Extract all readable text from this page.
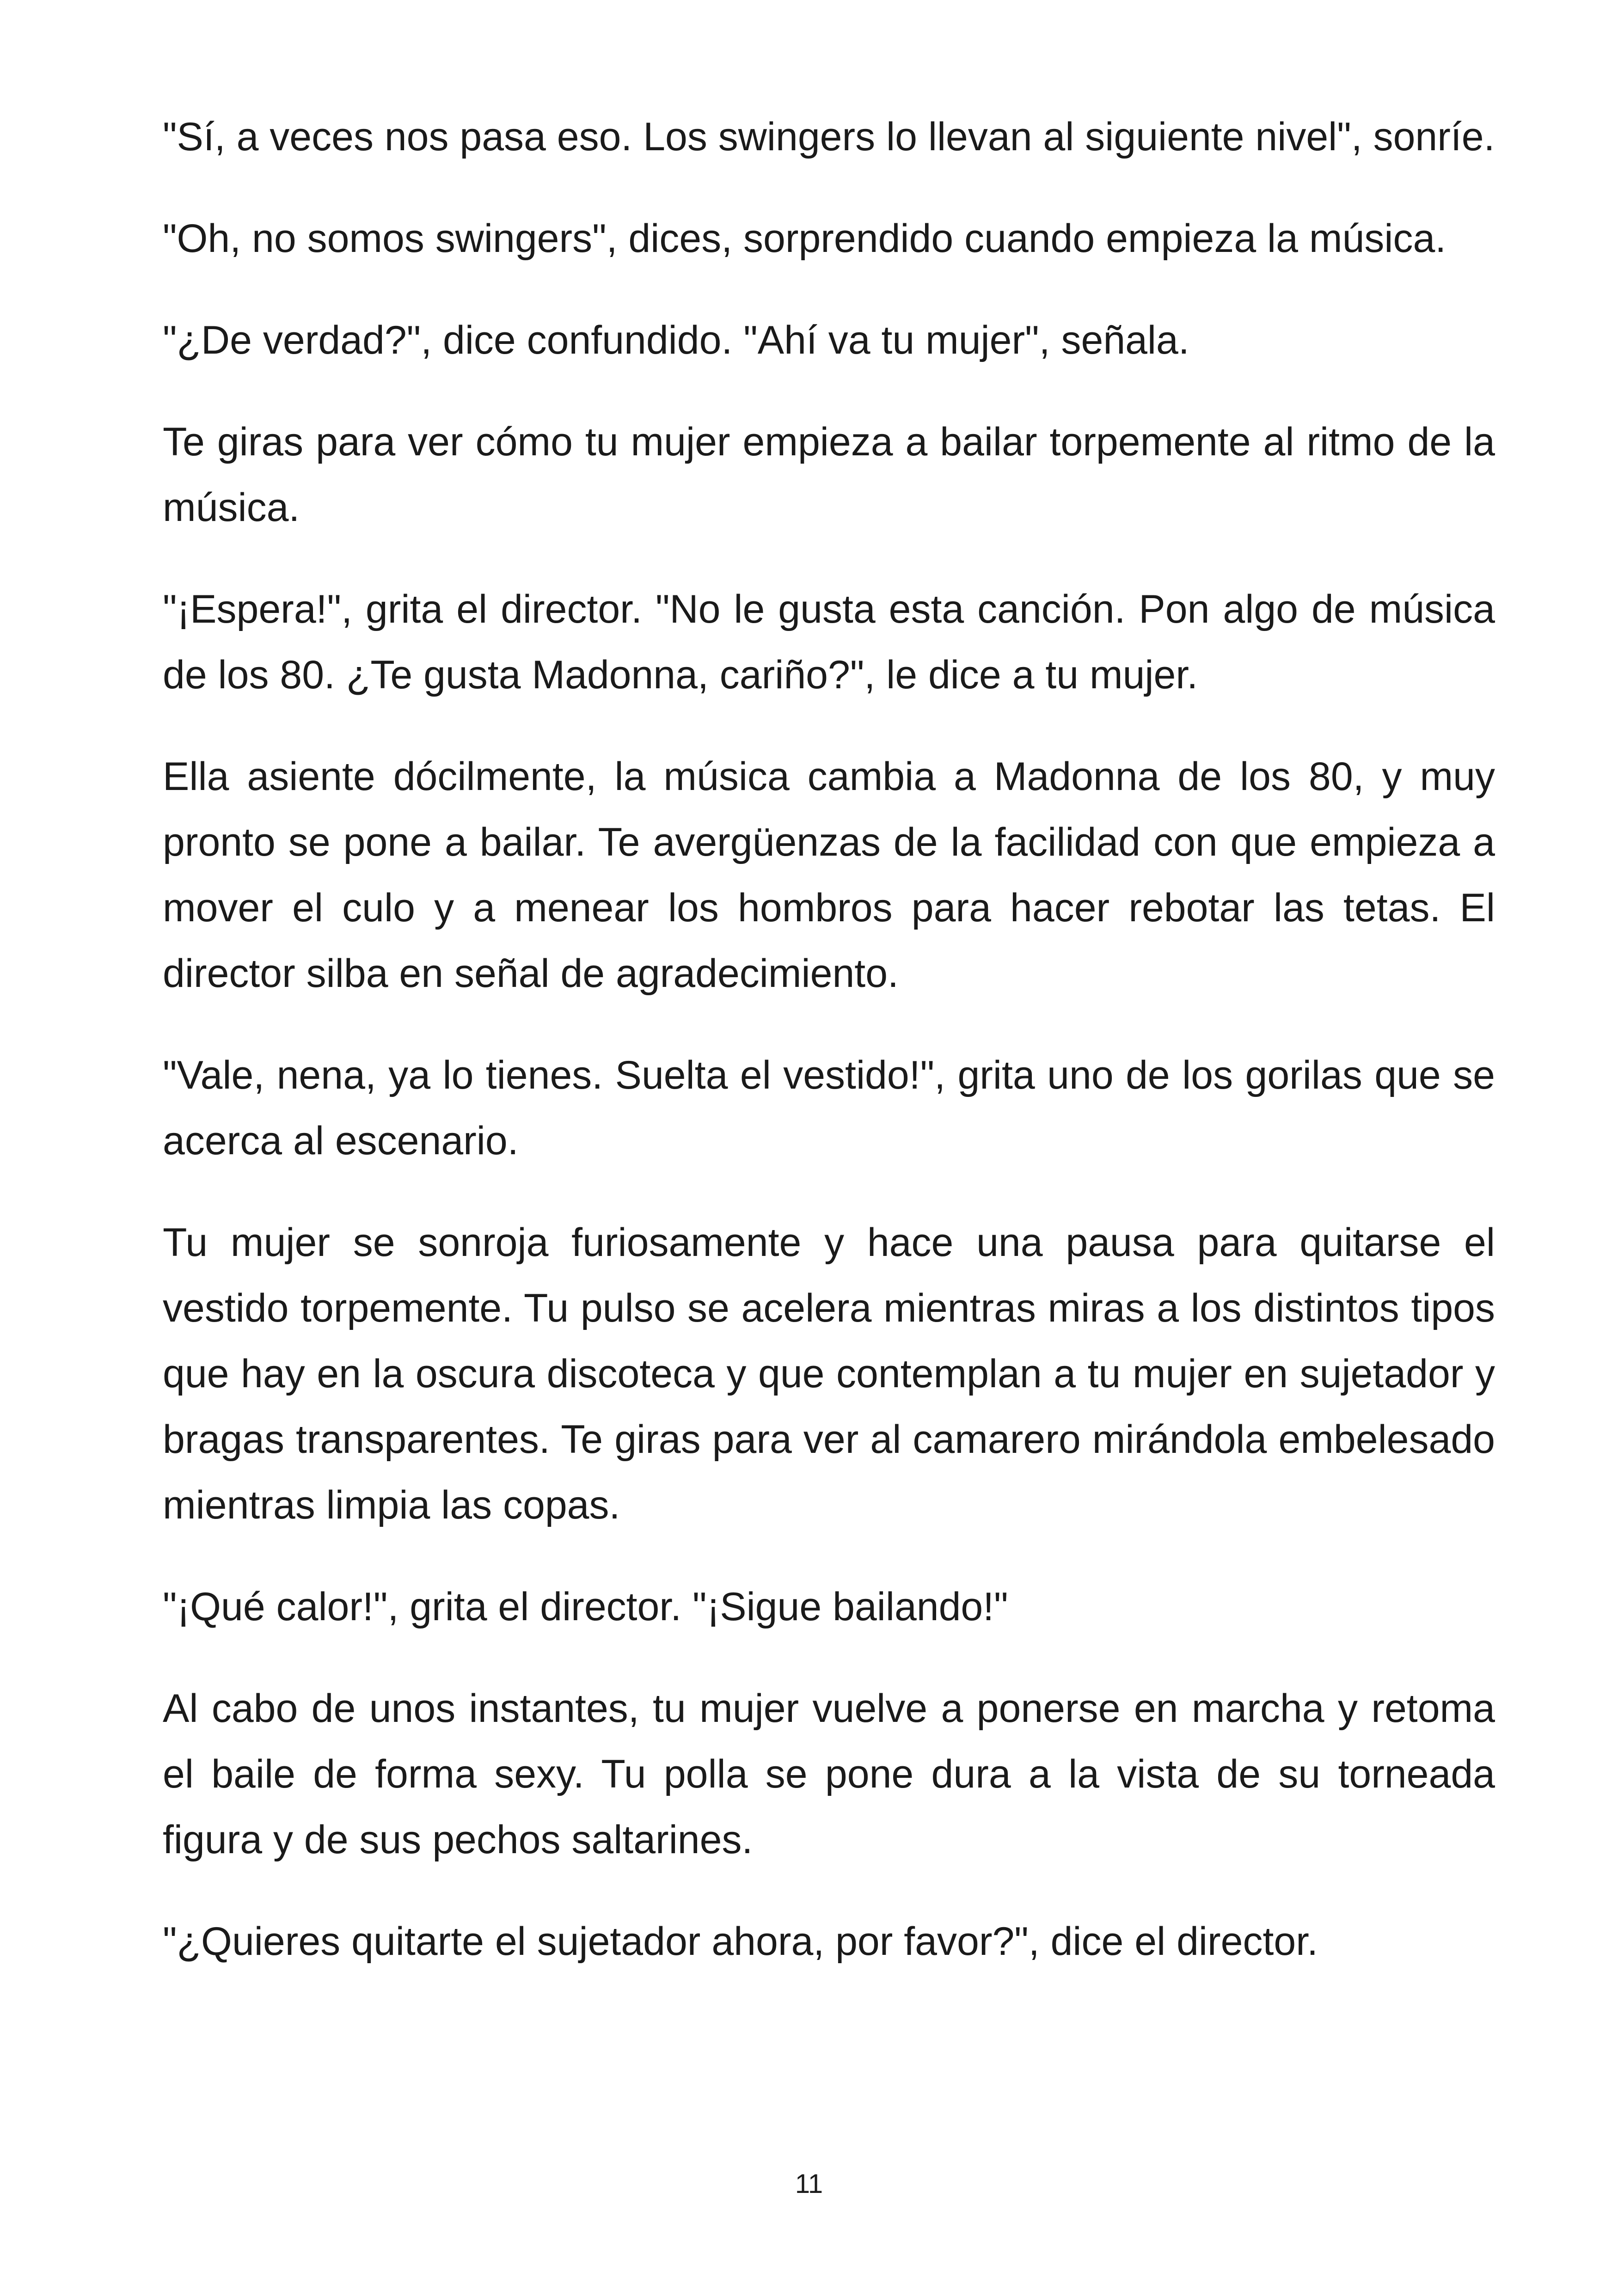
"Sí, a veces nos pasa eso. Los swingers lo llevan al siguiente nivel", sonríe.

"Oh, no somos swingers", dices, sorprendido cuando empieza la música.

"¿De verdad?", dice confundido. "Ahí va tu mujer", señala.

Te giras para ver cómo tu mujer empieza a bailar torpemente al ritmo de la música.

"¡Espera!", grita el director. "No le gusta esta canción. Pon algo de música de los 80. ¿Te gusta Madonna, cariño?", le dice a tu mujer.

Ella asiente dócilmente, la música cambia a Madonna de los 80, y muy pronto se pone a bailar. Te avergüenzas de la facilidad con que empieza a mover el culo y a menear los hombros para hacer rebotar las tetas. El director silba en señal de agradecimiento.

"Vale, nena, ya lo tienes. Suelta el vestido!", grita uno de los gorilas que se acerca al escenario.

Tu mujer se sonroja furiosamente y hace una pausa para quitarse el vestido torpemente. Tu pulso se acelera mientras miras a los distintos tipos que hay en la oscura discoteca y que contemplan a tu mujer en sujetador y bragas transparentes. Te giras para ver al camarero mirándola embelesado mientras limpia las copas.

"¡Qué calor!", grita el director. "¡Sigue bailando!"

Al cabo de unos instantes, tu mujer vuelve a ponerse en marcha y retoma el baile de forma sexy. Tu polla se pone dura a la vista de su torneada figura y de sus pechos saltarines.

"¿Quieres quitarte el sujetador ahora, por favor?", dice el director.

11
